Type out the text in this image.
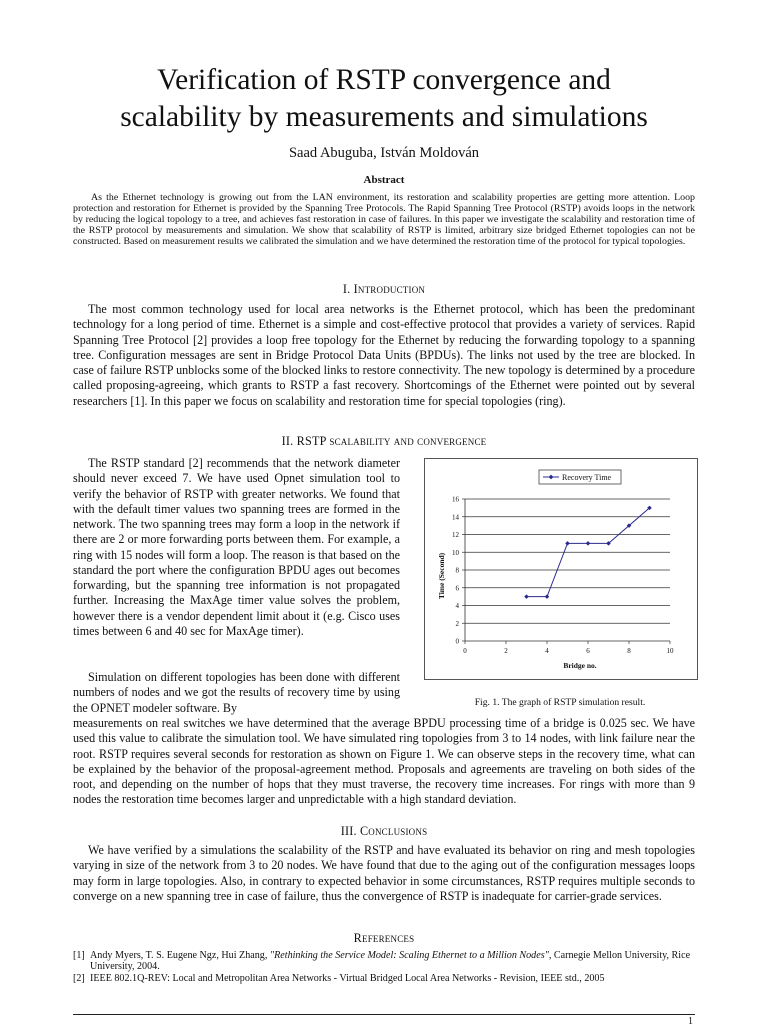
Verification of RSTP convergence and
scalability by measurements and simulations
Saad Abuguba, István Moldován
Abstract
As the Ethernet technology is growing out from the LAN environment, its restoration and scalability properties are getting more attention. Loop protection and restoration for Ethernet is provided by the Spanning Tree Protocols. The Rapid Spanning Tree Protocol (RSTP) avoids loops in the network by reducing the logical topology to a tree, and achieves fast restoration in case of failures. In this paper we investigate the scalability and restoration time of the RSTP protocol by measurements and simulation. We show that scalability of RSTP is limited, arbitrary size bridged Ethernet topologies can not be constructed. Based on measurement results we calibrated the simulation and we have determined the restoration time of the protocol for typical topologies.
I. Introduction
The most common technology used for local area networks is the Ethernet protocol, which has been the predominant technology for a long period of time. Ethernet is a simple and cost-effective protocol that provides a variety of services. Rapid Spanning Tree Protocol [2] provides a loop free topology for the Ethernet by reducing the forwarding topology to a spanning tree. Configuration messages are sent in Bridge Protocol Data Units (BPDUs). The links not used by the tree are blocked. In case of failure RSTP unblocks some of the blocked links to restore connectivity. The new topology is determined by a procedure called proposing-agreeing, which grants to RSTP a fast recovery. Shortcomings of the Ethernet were pointed out by several researchers [1]. In this paper we focus on scalability and restoration time for special topologies (ring).
II. RSTP scalability and convergence
The RSTP standard [2] recommends that the network diameter should never exceed 7. We have used Opnet simulation tool to verify the behavior of RSTP with greater networks. We found that with the default timer values two spanning trees are formed in the network. The two spanning trees may form a loop in the network if there are 2 or more forwarding ports between them. For example, a ring with 15 nodes will form a loop. The reason is that based on the standard the port where the configuration BPDU ages out becomes forwarding, but the spanning tree information is not propagated further. Increasing the MaxAge timer value solves the problem, however there is a vendor dependent limit about it (e.g. Cisco uses times between 6 and 40 sec for MaxAge timer).
Simulation on different topologies has been done with different numbers of nodes and we got the results of recovery time by using the OPNET modeler software. By
measurements on real switches we have determined that the average BPDU processing time of a bridge is 0.025 sec. We have used this value to calibrate the simulation tool. We have simulated ring topologies from 3 to 14 nodes, with link failure near the root. RSTP requires several seconds for restoration as shown on Figure 1. We can observe steps in the recovery time, what can be explained by the behavior of the proposal-agreement method. Proposals and agreements are traveling on both sides of the root, and depending on the number of hops that they must traverse, the recovery time increases. For rings with more than 9 nodes the restoration time becomes larger and unpredictable with a high standard deviation.
0
2
4
6
8
10
12
14
16
0	2	4	6	8	10
Recovery Time
Bridge no.
Time (Second)
Fig. 1. The graph of RSTP simulation result.
III. Conclusions
We have verified by a simulations the scalability of the RSTP and have evaluated its behavior on ring and mesh topologies varying in size of the network from 3 to 20 nodes. We have found that due to the aging out of the configuration messages loops may form in large topologies. Also, in contrary to expected behavior in some circumstances, RSTP requires multiple seconds to converge on a new spanning tree in case of failure, thus the convergence of RSTP is inadequate for carrier-grade services.
References
[1] Andy Myers, T. S. Eugene Ngz, Hui Zhang, "Rethinking the Service Model: Scaling Ethernet to a Million Nodes", Carnegie Mellon University, Rice University, 2004.
[2] IEEE 802.1Q-REV: Local and Metropolitan Area Networks - Virtual Bridged Local Area Networks - Revision, IEEE std., 2005
1
